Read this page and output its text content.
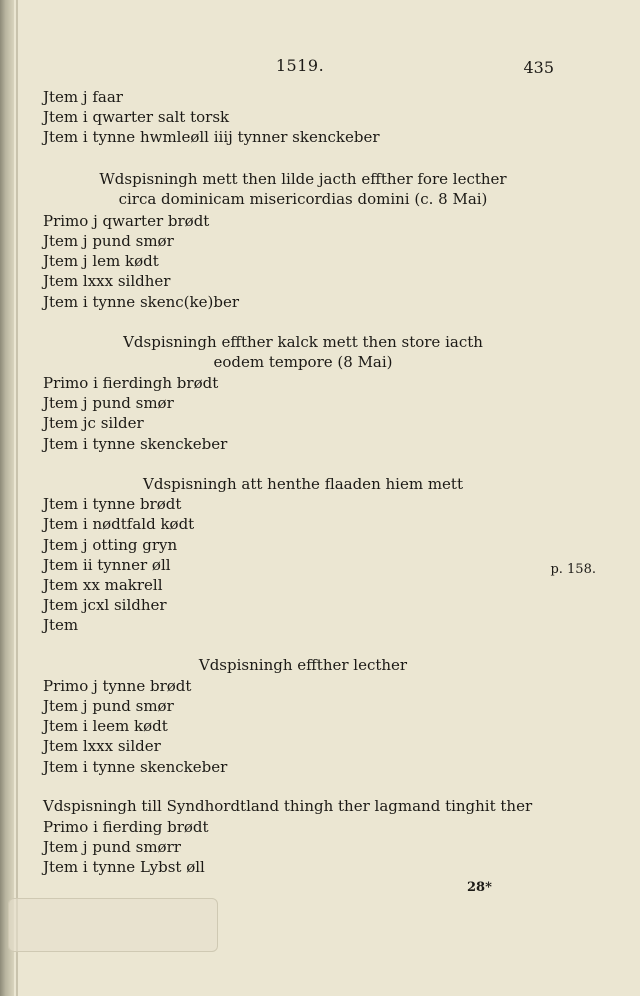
1519.	435
Jtem j faar
Jtem i qwarter salt torsk
Jtem i tynne hwmleøll iiij tynner skenckeber
Wdspisningh mett then lilde jacth effther fore lecther
circa dominicam misericordias domini (c. 8 Mai)
Primo j qwarter brødt
Jtem j pund smør
Jtem j lem kødt
Jtem lxxx sildher
Jtem i tynne skenc(ke)ber
Vdspisningh effther kalck mett then store iacth
eodem tempore (8 Mai)
Primo i fierdingh brødt
Jtem j pund smør
Jtem jc silder
Jtem i tynne skenckeber
Vdspisningh att henthe flaaden hiem mett
Jtem i tynne brødt
Jtem i nødtfald kødt
Jtem j otting gryn
Jtem ii tynner øll
Jtem xx makrell
Jtem jcxl sildher
Jtem
p. 158.
Vdspisningh effther lecther
Primo j tynne brødt
Jtem j pund smør
Jtem i leem kødt
Jtem lxxx silder
Jtem i tynne skenckeber
Vdspisningh till Syndhordtland thingh ther lagmand tinghit ther
Primo i fierding brødt
Jtem j pund smørr
Jtem i tynne Lybst øll
28*
